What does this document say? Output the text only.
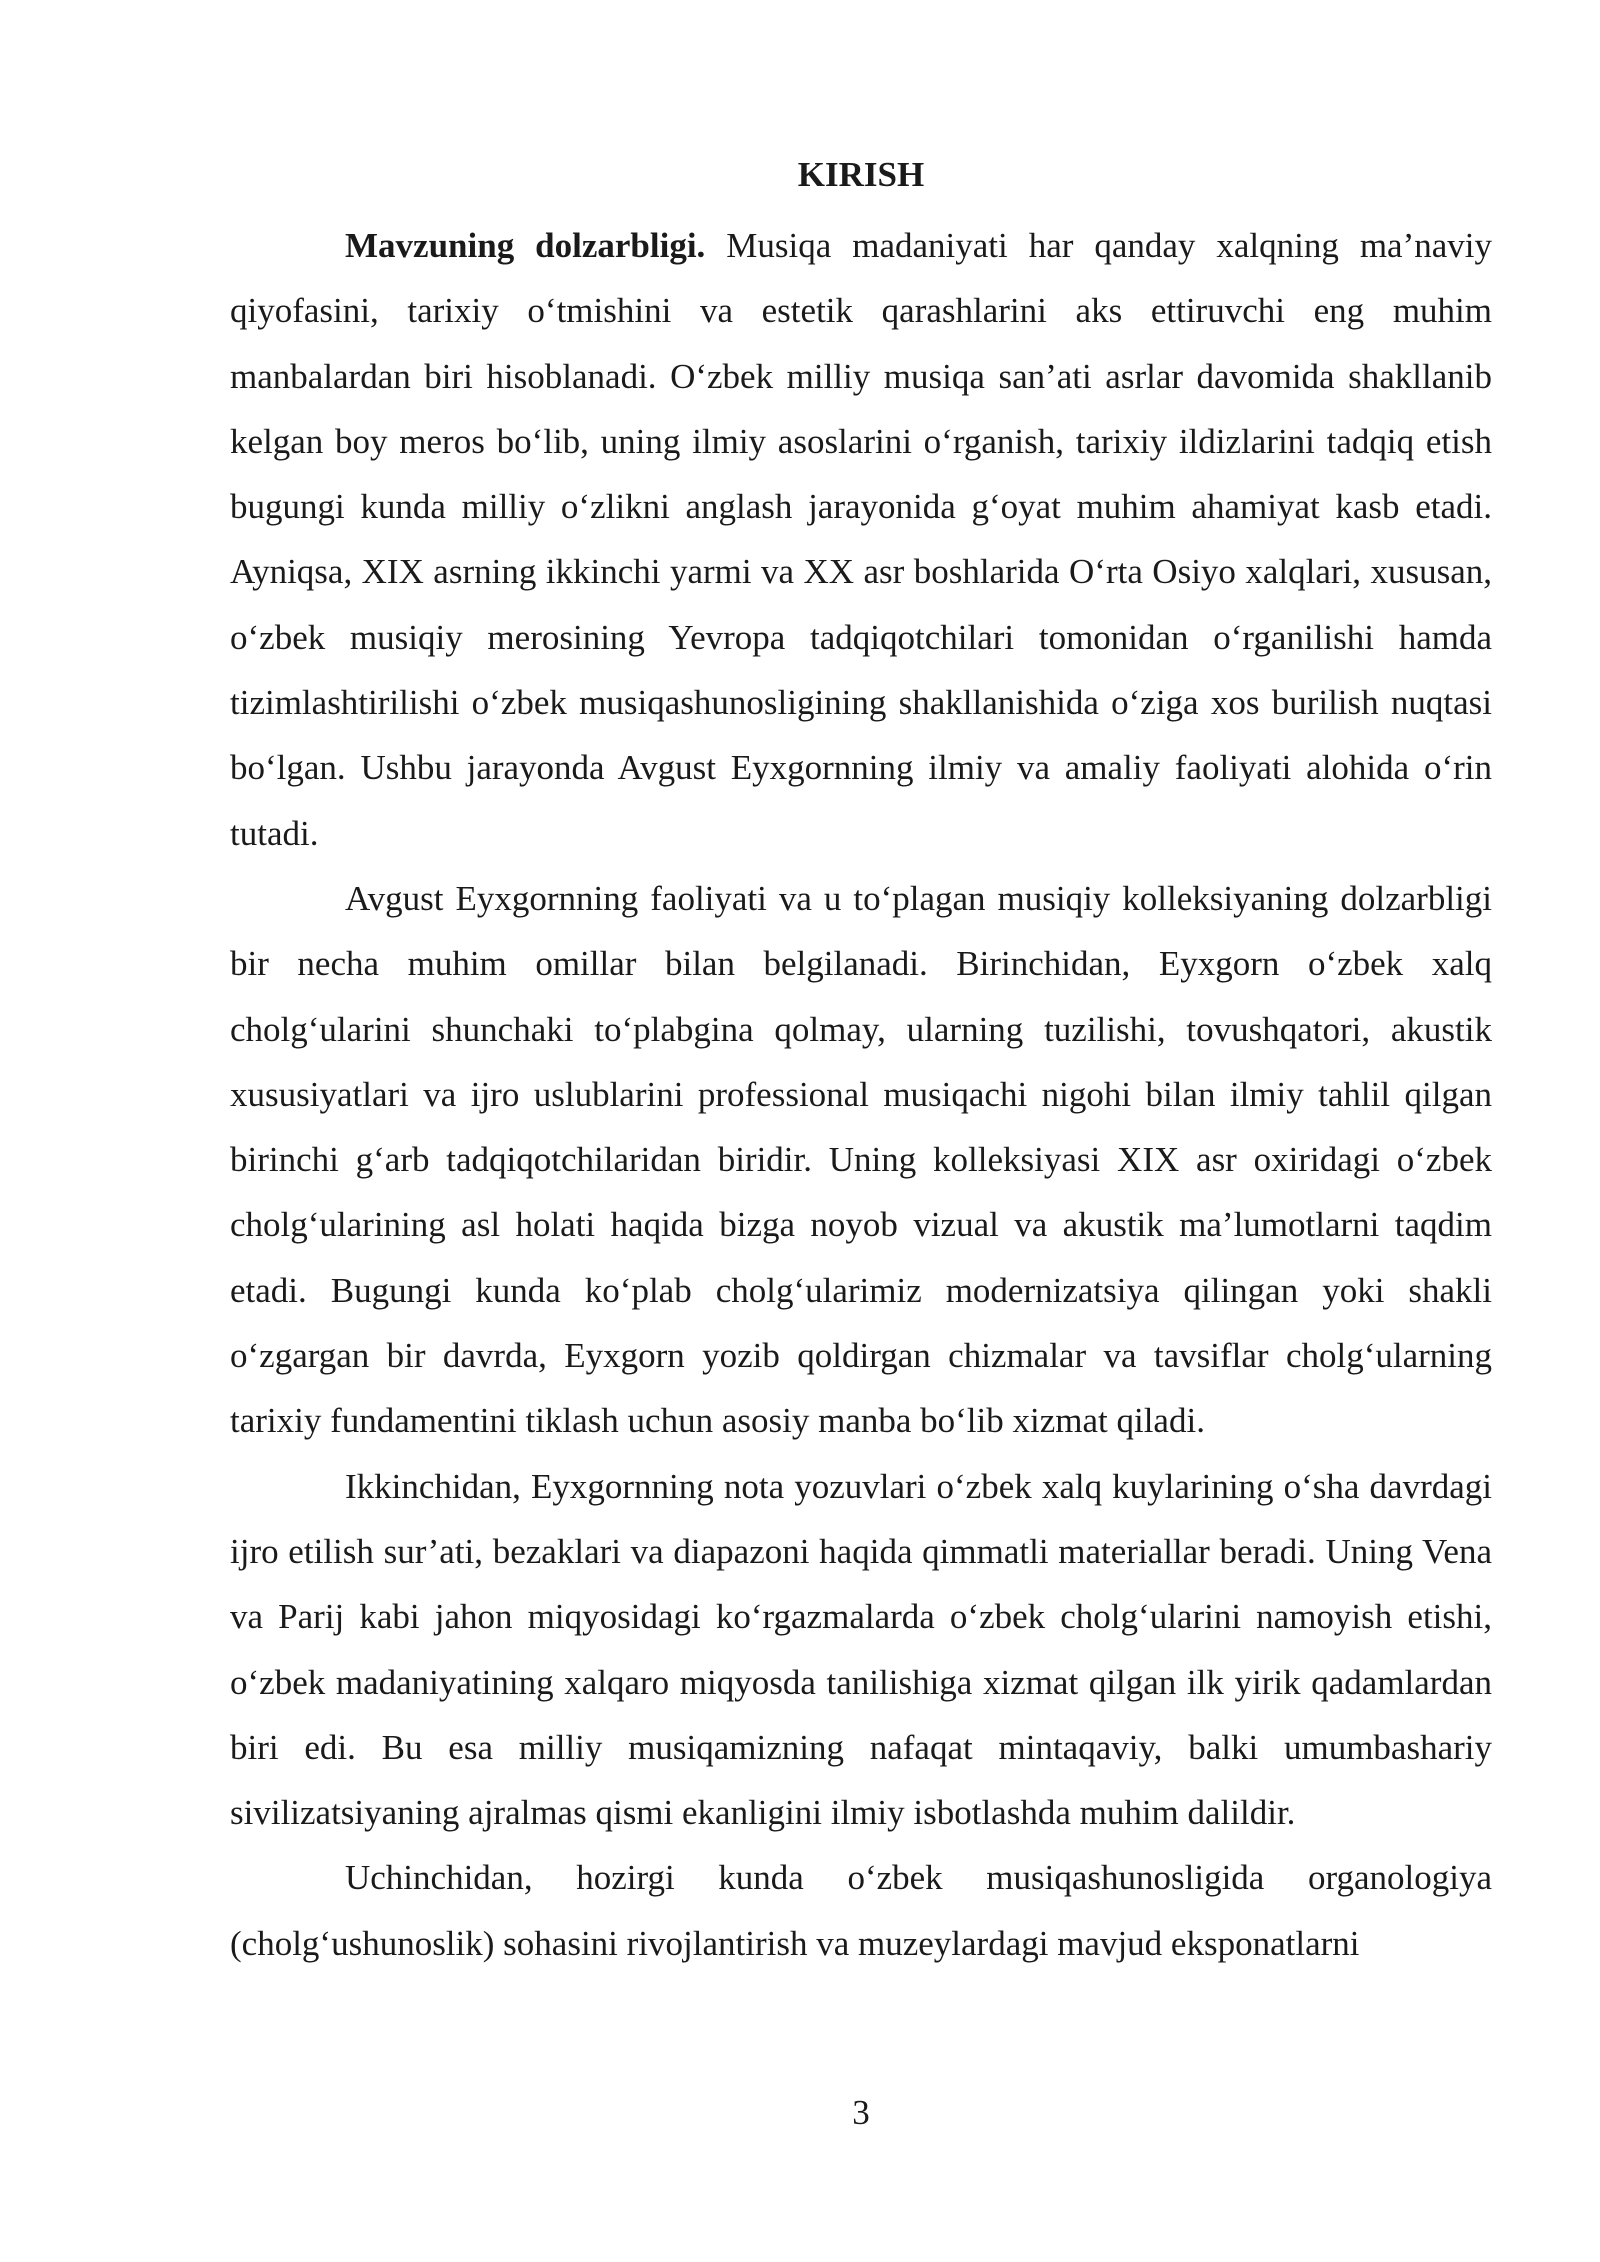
KIRISH

Mavzuning dolzarbligi. Musiqa madaniyati har qanday xalqning ma’naviy qiyofasini, tarixiy o‘tmishini va estetik qarashlarini aks ettiruvchi eng muhim manbalardan biri hisoblanadi. O‘zbek milliy musiqa san’ati asrlar davomida shakllanib kelgan boy meros bo‘lib, uning ilmiy asoslarini o‘rganish, tarixiy ildizlarini tadqiq etish bugungi kunda milliy o‘zlikni anglash jarayonida g‘oyat muhim ahamiyat kasb etadi. Ayniqsa, XIX asrning ikkinchi yarmi va XX asr boshlarida O‘rta Osiyo xalqlari, xususan, o‘zbek musiqiy merosining Yevropa tadqiqotchilari tomonidan o‘rganilishi hamda tizimlashtirilishi o‘zbek musiqashunosligining shakllanishida o‘ziga xos burilish nuqtasi bo‘lgan. Ushbu jarayonda Avgust Eyxgornning ilmiy va amaliy faoliyati alohida o‘rin tutadi.

Avgust Eyxgornning faoliyati va u to‘plagan musiqiy kolleksiyaning dolzarbligi bir necha muhim omillar bilan belgilanadi. Birinchidan, Eyxgorn o‘zbek xalq cholg‘ularini shunchaki to‘plabgina qolmay, ularning tuzilishi, tovushqatori, akustik xususiyatlari va ijro uslublarini professional musiqachi nigohi bilan ilmiy tahlil qilgan birinchi g‘arb tadqiqotchilaridan biridir. Uning kolleksiyasi XIX asr oxiridagi o‘zbek cholg‘ularining asl holati haqida bizga noyob vizual va akustik ma’lumotlarni taqdim etadi. Bugungi kunda ko‘plab cholg‘ularimiz modernizatsiya qilingan yoki shakli o‘zgargan bir davrda, Eyxgorn yozib qoldirgan chizmalar va tavsiflar cholg‘ularning tarixiy fundamentini tiklash uchun asosiy manba bo‘lib xizmat qiladi.

Ikkinchidan, Eyxgornning nota yozuvlari o‘zbek xalq kuylarining o‘sha davrdagi ijro etilish sur’ati, bezaklari va diapazoni haqida qimmatli materiallar beradi. Uning Vena va Parij kabi jahon miqyosidagi ko‘rgazmalarda o‘zbek cholg‘ularini namoyish etishi, o‘zbek madaniyatining xalqaro miqyosda tanilishiga xizmat qilgan ilk yirik qadamlardan biri edi. Bu esa milliy musiqamizning nafaqat mintaqaviy, balki umumbashariy sivilizatsiyaning ajralmas qismi ekanligini ilmiy isbotlashda muhim dalildir.

Uchinchidan, hozirgi kunda o‘zbek musiqashunosligida organologiya (cholg‘ushunoslik) sohasini rivojlantirish va muzeylardagi mavjud eksponatlarni

3
